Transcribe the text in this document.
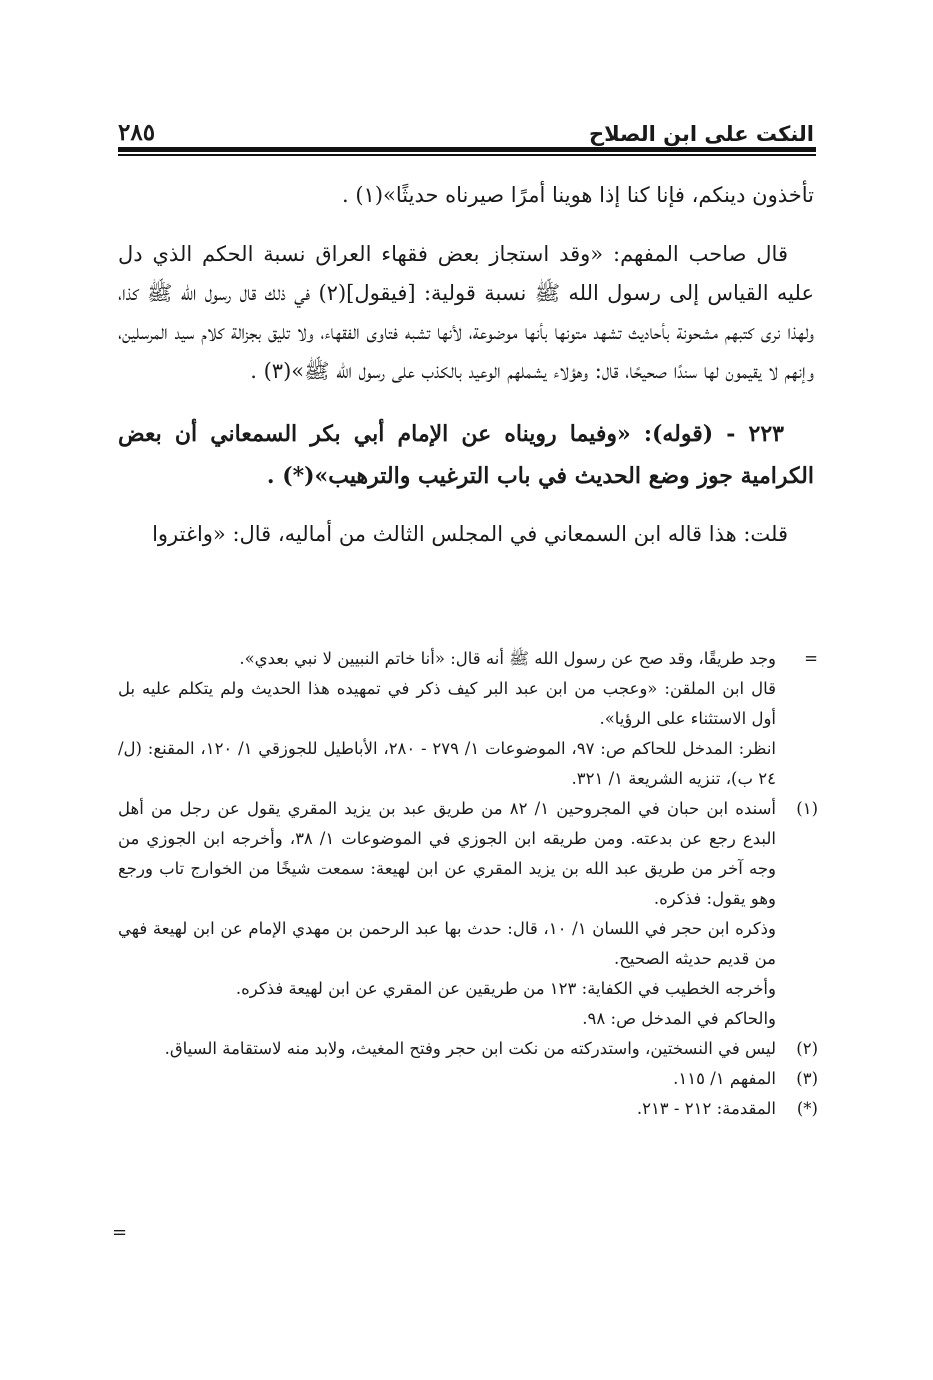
النكت على ابن الصلاح
٢٨٥

تأخذون دينكم، فإنا كنا إذا هوينا أمرًا صيرناه حديثًا»(١) .

قال صاحب المفهم: «وقد استجاز بعض فقهاء العراق نسبة الحكم الذي دل عليه القياس إلى رسول الله ﷺ نسبة قولية: [فيقول](٢) في ذلك قال رسول الله ﷺ كذا، ولهذا نرى كتبهم مشحونة بأحاديث تشهد متونها بأنها موضوعة، لأنها تشبه فتاوى الفقهاء، ولا تليق بجزالة كلام سيد المرسلين، وإنهم لا يقيمون لها سندًا صحيحًا، قال: وهؤلاء يشملهم الوعيد بالكذب على رسول الله ﷺ»(٣) .

٢٢٣ - (قوله): «وفيما رويناه عن الإمام أبي بكر السمعاني أن بعض الكرامية جوز وضع الحديث في باب الترغيب والترهيب»(*) .

قلت: هذا قاله ابن السمعاني في المجلس الثالث من أماليه، قال: «واغتروا

=

وجد طريقًا، وقد صح عن رسول الله ﷺ أنه قال: «أنا خاتم النبيين لا نبي بعدي».

قال ابن الملقن: «وعجب من ابن عبد البر كيف ذكر في تمهيده هذا الحديث ولم يتكلم عليه بل أول الاستثناء على الرؤيا».

انظر: المدخل للحاكم ص: ٩٧، الموضوعات ١/ ٢٧٩ - ٢٨٠، الأباطيل للجوزقي ١/ ١٢٠، المقنع: (ل/ ٢٤ ب)، تنزيه الشريعة ١/ ٣٢١.

(١)

أسنده ابن حبان في المجروحين ١/ ٨٢ من طريق عبد بن يزيد المقري يقول عن رجل من أهل البدع رجع عن بدعته. ومن طريقه ابن الجوزي في الموضوعات ١/ ٣٨، وأخرجه ابن الجوزي من وجه آخر من طريق عبد الله بن يزيد المقري عن ابن لهيعة: سمعت شيخًا من الخوارج تاب ورجع وهو يقول: فذكره.

وذكره ابن حجر في اللسان ١/ ١٠، قال: حدث بها عبد الرحمن بن مهدي الإمام عن ابن لهيعة فهي من قديم حديثه الصحيح.

وأخرجه الخطيب في الكفاية: ١٢٣ من طريقين عن المقري عن ابن لهيعة فذكره.

والحاكم في المدخل ص: ٩٨.

(٢)

ليس في النسختين، واستدركته من نكت ابن حجر وفتح المغيث، ولابد منه لاستقامة السياق.

(٣)

المفهم ١/ ١١٥.

(*)

المقدمة: ٢١٢ - ٢١٣.

=
